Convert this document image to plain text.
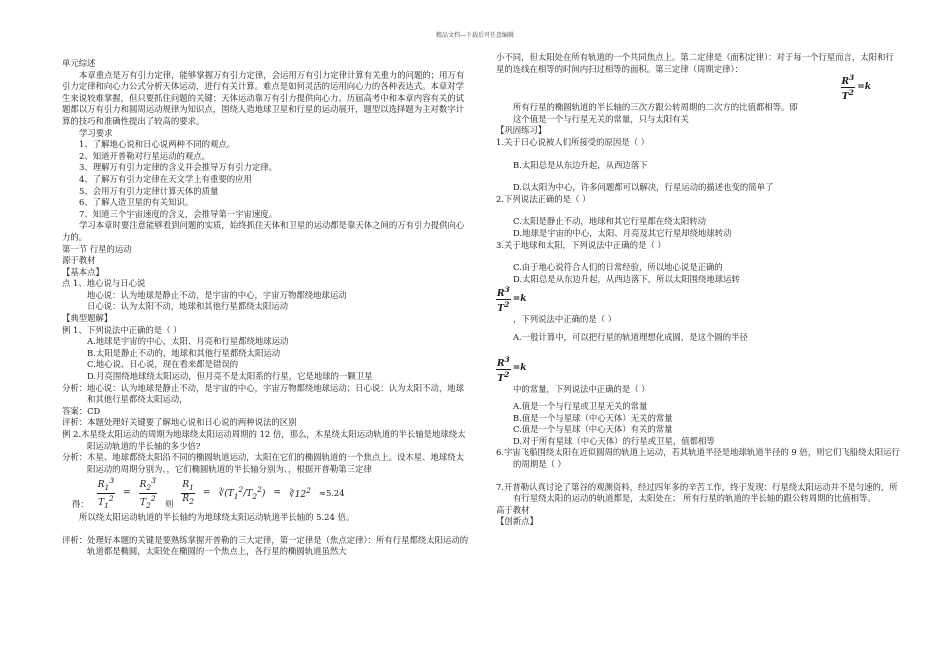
精品文档---下载后可任意编辑

单元综述

本章重点是万有引力定律，能够掌握万有引力定律，会运用万有引力定律计算有关重力的问题的；用万有引力定律和向心力公式分析天体运动，进行有关计算。难点是如何灵活的运用向心力的各种表达式。本章对学生来说较难掌握，但只要抓住问题的关键：天体运动靠万有引力提供向心力。历届高考中和本章内容有关的试题都以万有引力和圆周运动规律为知识点，围绕人造地球卫星和行星的运动展开，题型以选择题为主对数字计算的技巧和准确性提出了较高的要求。

学习要求

1、了解地心说和日心说两种不同的观点。

2、知道开普勒对行星运动的观点。

3、理解万有引力定律的含义并会推导万有引力定律。

4、了解万有引力定律在天文学上有重要的应用

5、会用万有引力定律计算天体的质量

6、了解人造卫星的有关知识。

7、知道三个宇宙速度的含义，会推导第一宇宙速度。

学习本章时要注意能够看到问题的实质，始终抓住天体和卫星的运动都是靠天体之间的万有引力提供向心力的。

第一节 行星的运动

源于教材

【基本点】

点 1、地心说与日心说

地心说：认为地球是静止不动，是宇宙的中心，宇宙万物都绕地球运动

日心说：认为太阳不动，地球和其他行星都绕太阳运动

【典型题解】

例 1、下列说法中正确的是（ ）

A.地球是宇宙的中心，太阳、月亮和行星都绕地球运动

B.太阳是静止不动的，地球和其他行星都绕太阳运动

C.地心说、日心说，现在看来都是错误的

D.月亮围绕地球绕太阳运动，但月亮不是太阳系的行星，它是地球的一颗卫星

分析：地心说：认为地球是静止不动，是宇宙的中心，宇宙万物都绕地球运动；日心说：认为太阳不动，地球和其他行星都绕太阳运动，

答案：CD

评析：本题处理好关键要了解地心说和日心说的两种说法的区别

例 2.木星绕太阳运动的周期为地球绕太阳运动周期的 12 倍，那么，木星绕太阳运动轨道的半长轴是地球绕太阳运动轨道的半长轴的多少倍?

分析：木星、地球都绕太阳沿不同的椭圆轨道运动，太阳在它们的椭圆轨道的一个焦点上。设木星、地球绕太阳运动的周期分别为、，它们椭圆轨道的半长轴分别为、，根据开普勒第三定律

得： $\frac{R_1^3}{T_1^2} = \frac{R_2^3}{T_2^2}$ 则 $\frac{R_1}{R_2}$ = $∛(T_1^2/T_2^2)$ = $∛12^2 \approx 5.24$

所以绕太阳运动轨道的半长轴约为地球绕太阳运动轨道半长轴的 5.24 倍。

评析：处理好本题的关键是要熟练掌握开普勒的三大定律，第一定律是（焦点定律）：所有行星都绕太阳运动的轨道都是椭圆，太阳处在椭圆的一个焦点上，各行星的椭圆轨道虽然大

小不同，但太阳处在所有轨道的一个共同焦点上。第二定律是（面积定律）：对于每一个行星而言，太阳和行星的连线在相等的时间内扫过相等的面积。第三定律（周期定律）：

$\frac{R^3}{T^2} =k$

所有行星的椭圆轨道的半长轴的三次方跟公转周期的二次方的比值都相等。即

这个值是一个与行星无关的常量，只与太阳有关

【巩固练习】

1.关于日心说被人们所接受的原因是（ ）

B.太阳总是从东边升起，从西边落下

D.以太阳为中心，许多问题都可以解决，行星运动的描述也变的简单了

2.下列说法正确的是（ ）

C.太阳是静止不动，地球和其它行星都在绕太阳转动

D.地球是宇宙的中心，太阳、月亮及其它行星却绕地球转动

3.关于地球和太阳，下列说法中正确的是（ ）

C.由于地心说符合人们的日常经验，所以地心说是正确的

D.太阳总是从东边升起，从西边落下，所以太阳围绕地球运转

$\frac{R^3}{T^2} =k$

，下列说法中正确的是（ ）

A.一般计算中，可以把行星的轨道理想化成圆，是这个圆的半径

$\frac{R^3}{T^2} =k$

中的常量，下列说法中正确的是（ ）

A.值是一个与行星或卫星无关的常量

B.值是一个与星球（中心天体）无关的常量

C.值是一个与星球（中心天体）有关的常量

D.对于所有星球（中心天体）的行星或卫星，值都相等

6.宇宙飞船围绕太阳在近似圆周的轨道上运动，若其轨道半径是地球轨道半径的 9 倍，则它们飞船绕太阳运行的周期是（ ）

7.开普勒认真讨论了第谷的观测资料，经过四年多的辛苦工作，终于发现：行星绕太阳运动并不是匀速的，所有行星绕太阳的运动的轨道都是，太阳处在； 所有行星的轨道的半长轴的跟公转周期的比值相等。

高于教材

【创新点】
